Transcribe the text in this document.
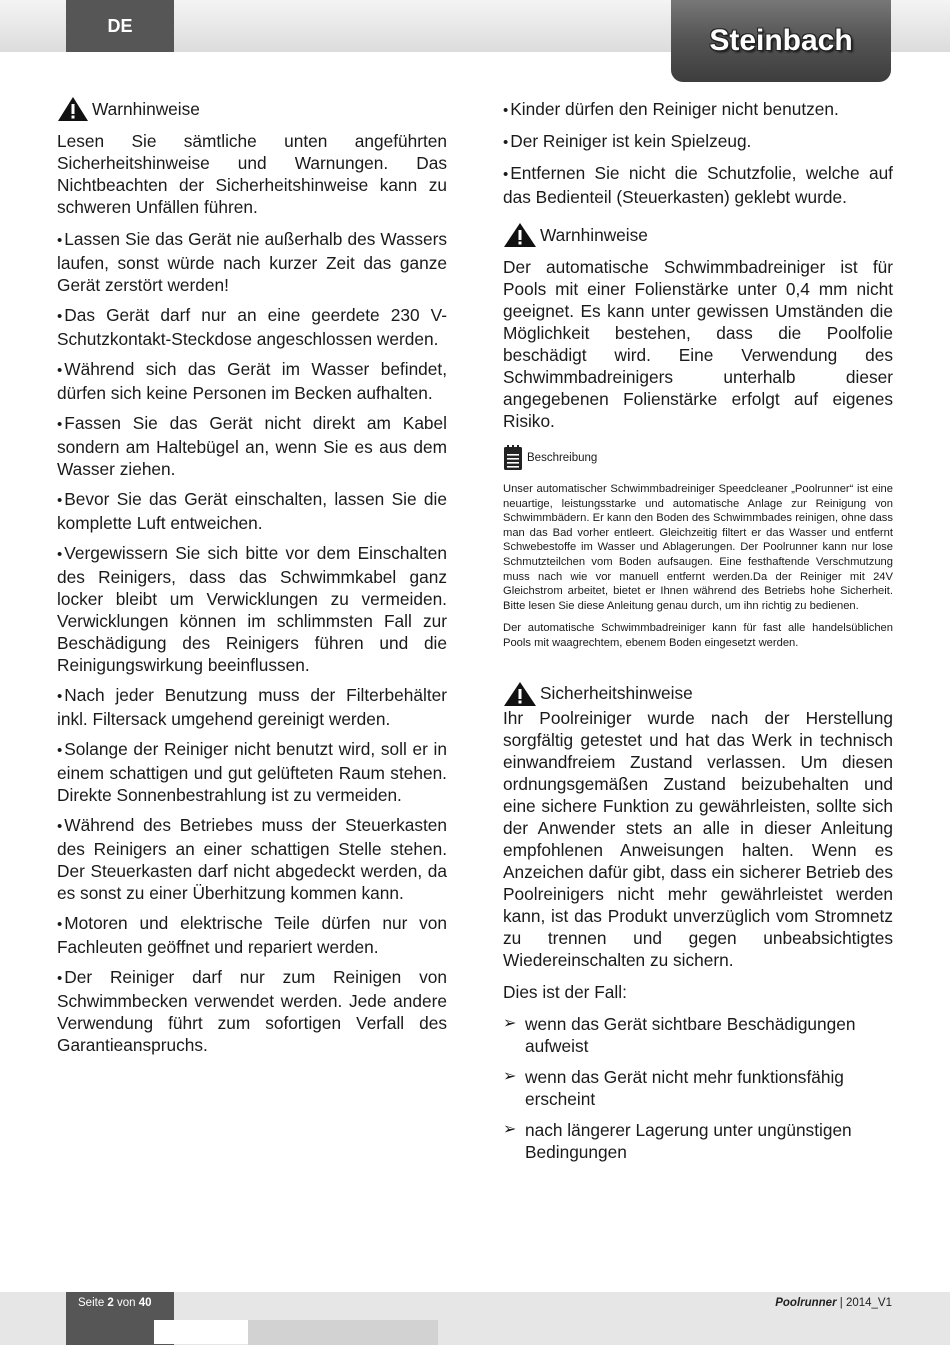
DE	Steinbach
Warnhinweise

Lesen Sie sämtliche unten angeführten Sicherheitshinweise und Warnungen. Das Nichtbeachten der Sicherheitshinweise kann zu schweren Unfällen führen.

• Lassen Sie das Gerät nie außerhalb des Wassers laufen, sonst würde nach kurzer Zeit das ganze Gerät zerstört werden!

• Das Gerät darf nur an eine geerdete 230 V-Schutzkontakt-Steckdose angeschlossen werden.

• Während sich das Gerät im Wasser befindet, dürfen sich keine Personen im Becken aufhalten.

• Fassen Sie das Gerät nicht direkt am Kabel sondern am Haltebügel an, wenn Sie es aus dem Wasser ziehen.

• Bevor Sie das Gerät einschalten, lassen Sie die komplette Luft entweichen.

• Vergewissern Sie sich bitte vor dem Einschalten des Reinigers, dass das Schwimmkabel ganz locker bleibt um Verwicklungen zu vermeiden. Verwicklungen können im schlimmsten Fall zur Beschädigung des Reinigers führen und die Reinigungswirkung beeinflussen.

• Nach jeder Benutzung muss der Filterbehälter inkl. Filtersack umgehend gereinigt werden.

• Solange der Reiniger nicht benutzt wird, soll er in einem schattigen und gut gelüfteten Raum stehen. Direkte Sonnenbestrahlung ist zu vermeiden.

• Während des Betriebes muss der Steuerkasten des Reinigers an einer schattigen Stelle stehen. Der Steuerkasten darf nicht abgedeckt werden, da es sonst zu einer Überhitzung kommen kann.

• Motoren und elektrische Teile dürfen nur von Fachleuten geöffnet und repariert werden.

• Der Reiniger darf nur zum Reinigen von Schwimmbecken verwendet werden. Jede andere Verwendung führt zum sofortigen Verfall des Garantieanspruchs.

• Kinder dürfen den Reiniger nicht benutzen.

• Der Reiniger ist kein Spielzeug.

• Entfernen Sie nicht die Schutzfolie, welche auf das Bedienteil (Steuerkasten) geklebt wurde.

Warnhinweise

Der automatische Schwimmbadreiniger ist für Pools mit einer Folienstärke unter 0,4 mm nicht geeignet. Es kann unter gewissen Umständen die Möglichkeit bestehen, dass die Poolfolie beschädigt wird. Eine Verwendung des Schwimmbadreinigers unterhalb dieser angegebenen Folienstärke erfolgt auf eigenes Risiko.

Beschreibung

Unser automatischer Schwimmbadreiniger Speedcleaner „Poolrunner“ ist eine neuartige, leistungsstarke und automatische Anlage zur Reinigung von Schwimmbädern. Er kann den Boden des Schwimmbades reinigen, ohne dass man das Bad vorher entleert. Gleichzeitig filtert er das Wasser und entfernt Schwebestoffe im Wasser und Ablagerungen. Der Poolrunner kann nur lose Schmutzteilchen vom Boden aufsaugen. Eine festhaftende Verschmutzung muss nach wie vor manuell entfernt werden.Da der Reiniger mit 24V Gleichstrom arbeitet, bietet er Ihnen während des Betriebs hohe Sicherheit. Bitte lesen Sie diese Anleitung genau durch, um ihn richtig zu bedienen.

Der automatische Schwimmbadreiniger kann für fast alle handelsüblichen Pools mit waagrechtem, ebenem Boden eingesetzt werden.

Sicherheitshinweise

Ihr Poolreiniger wurde nach der Herstellung sorgfältig getestet und hat das Werk in technisch einwandfreiem Zustand verlassen. Um diesen ordnungsgemäßen Zustand beizubehalten und eine sichere Funktion zu gewährleisten, sollte sich der Anwender stets an alle in dieser Anleitung empfohlenen Anweisungen halten. Wenn es Anzeichen dafür gibt, dass ein sicherer Betrieb des Poolreinigers nicht mehr gewährleistet werden kann, ist das Produkt unverzüglich vom Stromnetz zu trennen und gegen unbeabsichtigtes Wiedereinschalten zu sichern.

Dies ist der Fall:

➢ wenn das Gerät sichtbare Beschädigungen aufweist
➢ wenn das Gerät nicht mehr funktionsfähig erscheint
➢ nach längerer Lagerung unter ungünstigen Bedingungen
Seite 2 von 40	Poolrunner | 2014_V1
